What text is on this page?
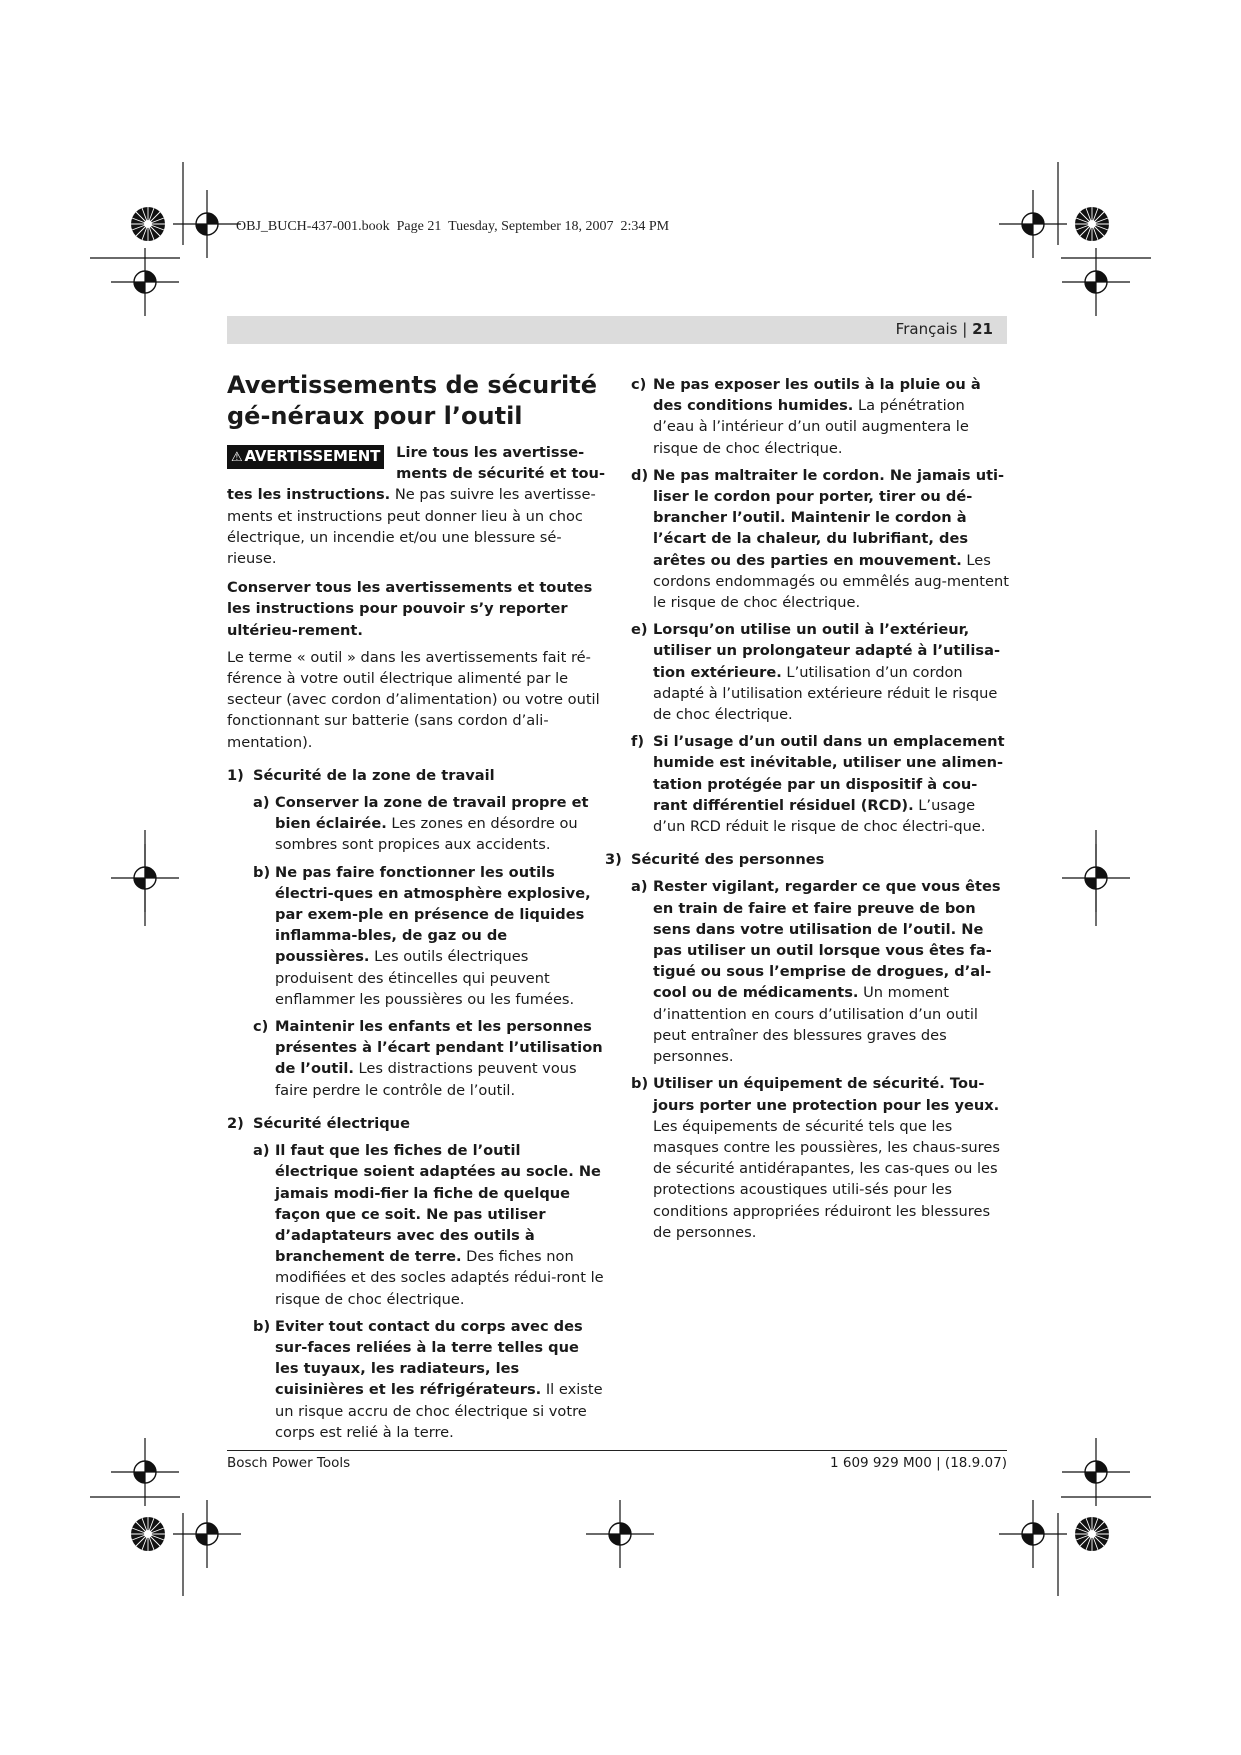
OBJ_BUCH-437-001.book  Page 21  Tuesday, September 18, 2007  2:34 PM
Français | 21
Avertissements de sécurité gé-néraux pour l’outil

⚠ AVERTISSEMENT Lire tous les avertisse-ments de sécurité et tou-tes les instructions. Ne pas suivre les avertisse-ments et instructions peut donner lieu à un choc électrique, un incendie et/ou une blessure sé-rieuse.

Conserver tous les avertissements et toutes les instructions pour pouvoir s’y reporter ultérieu-rement.

Le terme « outil » dans les avertissements fait ré-férence à votre outil électrique alimenté par le secteur (avec cordon d’alimentation) ou votre outil fonctionnant sur batterie (sans cordon d’ali-mentation).

1) Sécurité de la zone de travail
a) Conserver la zone de travail propre et bien éclairée. Les zones en désordre ou sombres sont propices aux accidents.
b) Ne pas faire fonctionner les outils électri-ques en atmosphère explosive, par exem-ple en présence de liquides inflamma-bles, de gaz ou de poussières. Les outils électriques produisent des étincelles qui peuvent enflammer les poussières ou les fumées.
c) Maintenir les enfants et les personnes présentes à l’écart pendant l’utilisation de l’outil. Les distractions peuvent vous faire perdre le contrôle de l’outil.
2) Sécurité électrique
a) Il faut que les fiches de l’outil électrique soient adaptées au socle. Ne jamais modi-fier la fiche de quelque façon que ce soit. Ne pas utiliser d’adaptateurs avec des outils à branchement de terre. Des fiches non modifiées et des socles adaptés rédui-ront le risque de choc électrique.
b) Eviter tout contact du corps avec des sur-faces reliées à la terre telles que les tuyaux, les radiateurs, les cuisinières et les réfrigérateurs. Il existe un risque accru de choc électrique si votre corps est relié à la terre.
c) Ne pas exposer les outils à la pluie ou à des conditions humides. La pénétration d’eau à l’intérieur d’un outil augmentera le risque de choc électrique.
d) Ne pas maltraiter le cordon. Ne jamais uti-liser le cordon pour porter, tirer ou dé-brancher l’outil. Maintenir le cordon à l’écart de la chaleur, du lubrifiant, des arêtes ou des parties en mouvement. Les cordons endommagés ou emmêlés aug-mentent le risque de choc électrique.
e) Lorsqu’on utilise un outil à l’extérieur, utiliser un prolongateur adapté à l’utilisa-tion extérieure. L’utilisation d’un cordon adapté à l’utilisation extérieure réduit le risque de choc électrique.
f) Si l’usage d’un outil dans un emplacement humide est inévitable, utiliser une alimen-tation protégée par un dispositif à cou-rant différentiel résiduel (RCD). L’usage d’un RCD réduit le risque de choc électri-que.
3) Sécurité des personnes
a) Rester vigilant, regarder ce que vous êtes en train de faire et faire preuve de bon sens dans votre utilisation de l’outil. Ne pas utiliser un outil lorsque vous êtes fa-tigué ou sous l’emprise de drogues, d’al-cool ou de médicaments. Un moment d’inattention en cours d’utilisation d’un outil peut entraîner des blessures graves des personnes.
b) Utiliser un équipement de sécurité. Tou-jours porter une protection pour les yeux. Les équipements de sécurité tels que les masques contre les poussières, les chaus-sures de sécurité antidérapantes, les cas-ques ou les protections acoustiques utili-sés pour les conditions appropriées réduiront les blessures de personnes.
Bosch Power Tools	1 609 929 M00 | (18.9.07)
